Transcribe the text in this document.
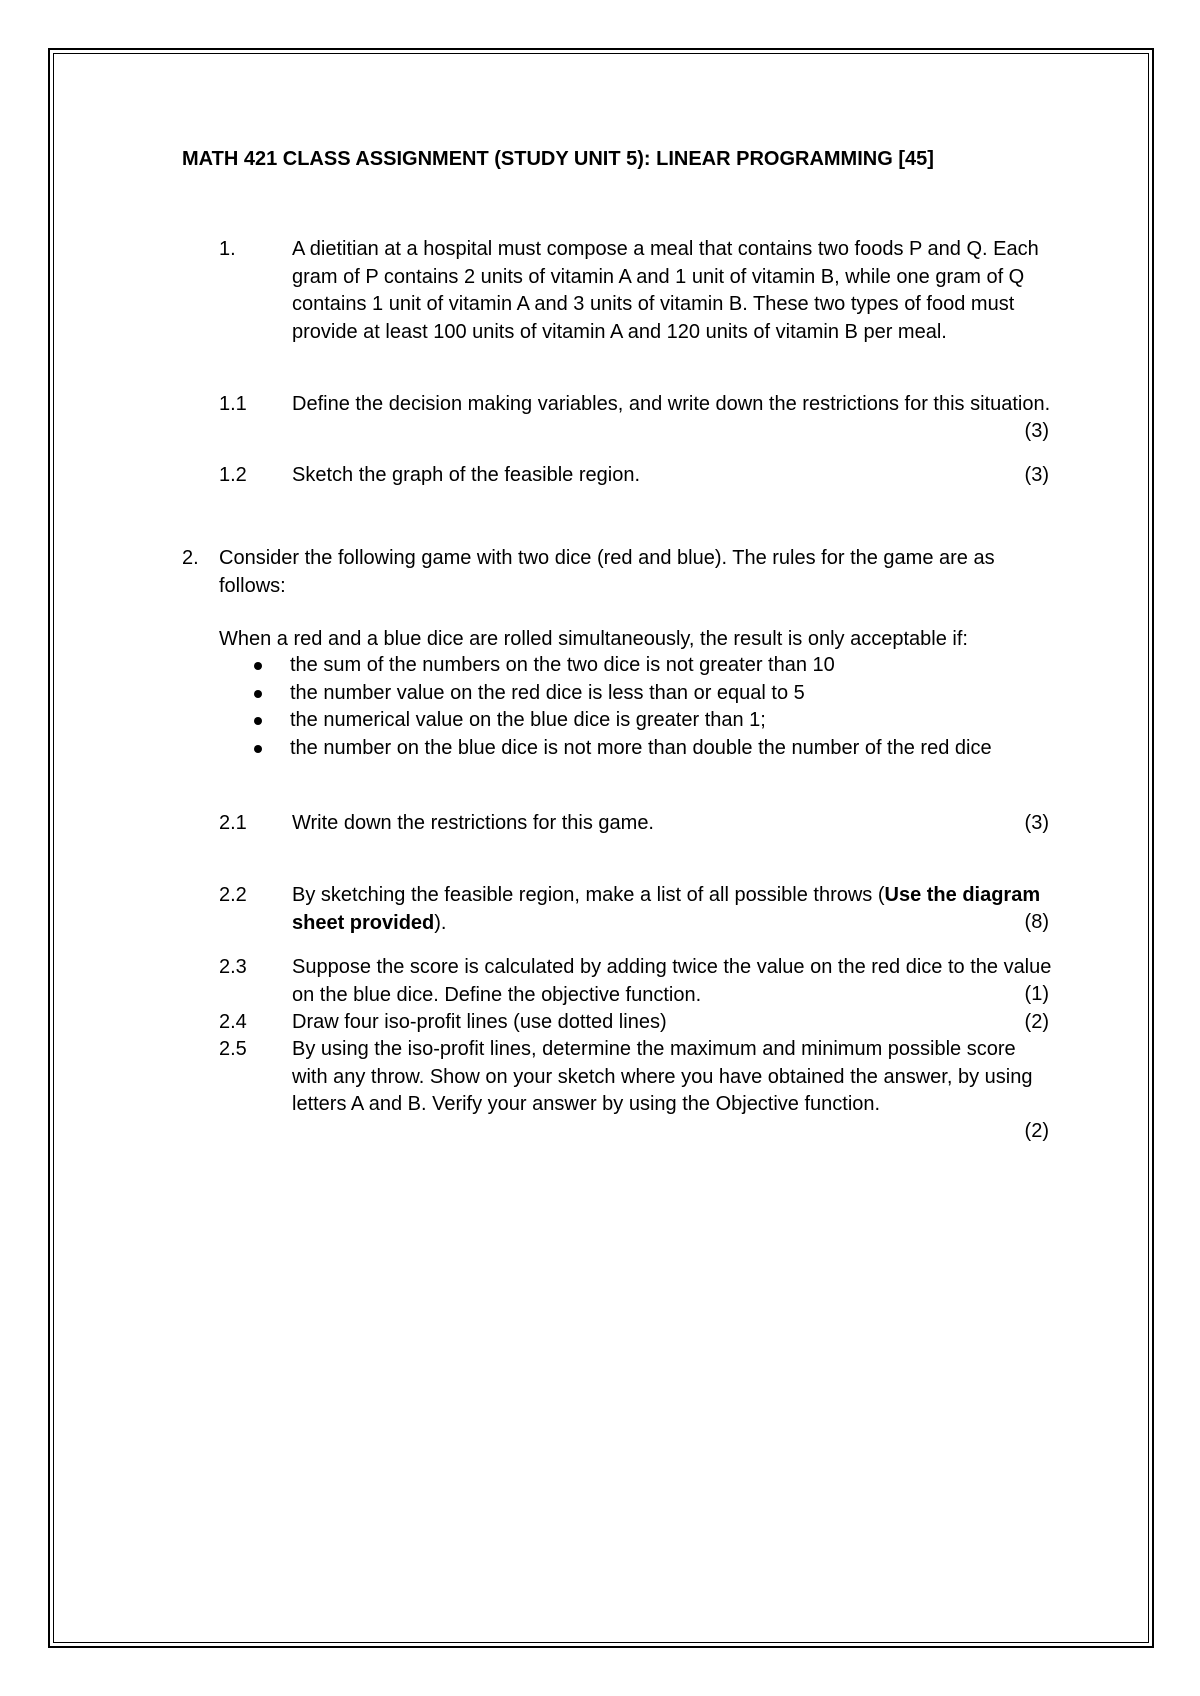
MATH 421 CLASS ASSIGNMENT (STUDY UNIT 5): LINEAR PROGRAMMING [45]
1.	A dietitian at a hospital must compose a meal that contains two foods P and Q. Each gram of P contains 2 units of vitamin A and 1 unit of vitamin B, while one gram of Q contains 1 unit of vitamin A and 3 units of vitamin B. These two types of food must provide at least 100 units of vitamin A and 120 units of vitamin B per meal.
1.1 Define the decision making variables, and write down the restrictions for this situation.
(3)
1.2 Sketch the graph of the feasible region.	(3)
2. Consider the following game with two dice (red and blue). The rules for the game are as follows:
When a red and a blue dice are rolled simultaneously, the result is only acceptable if:
the sum of the numbers on the two dice is not greater than 10
the number value on the red dice is less than or equal to 5
the numerical value on the blue dice is greater than 1;
the number on the blue dice is not more than double the number of the red dice
2.1 Write down the restrictions for this game.	(3)
2.2 By sketching the feasible region, make a list of all possible throws (Use the diagram sheet provided).	(8)
2.3 Suppose the score is calculated by adding twice the value on the red dice to the value on the blue dice. Define the objective function.	(1)
2.4 Draw four iso-profit lines (use dotted lines)	(2)
2.5 By using the iso-profit lines, determine the maximum and minimum possible score with any throw. Show on your sketch where you have obtained the answer, by using letters A and B. Verify your answer by using the Objective function.
(2)
